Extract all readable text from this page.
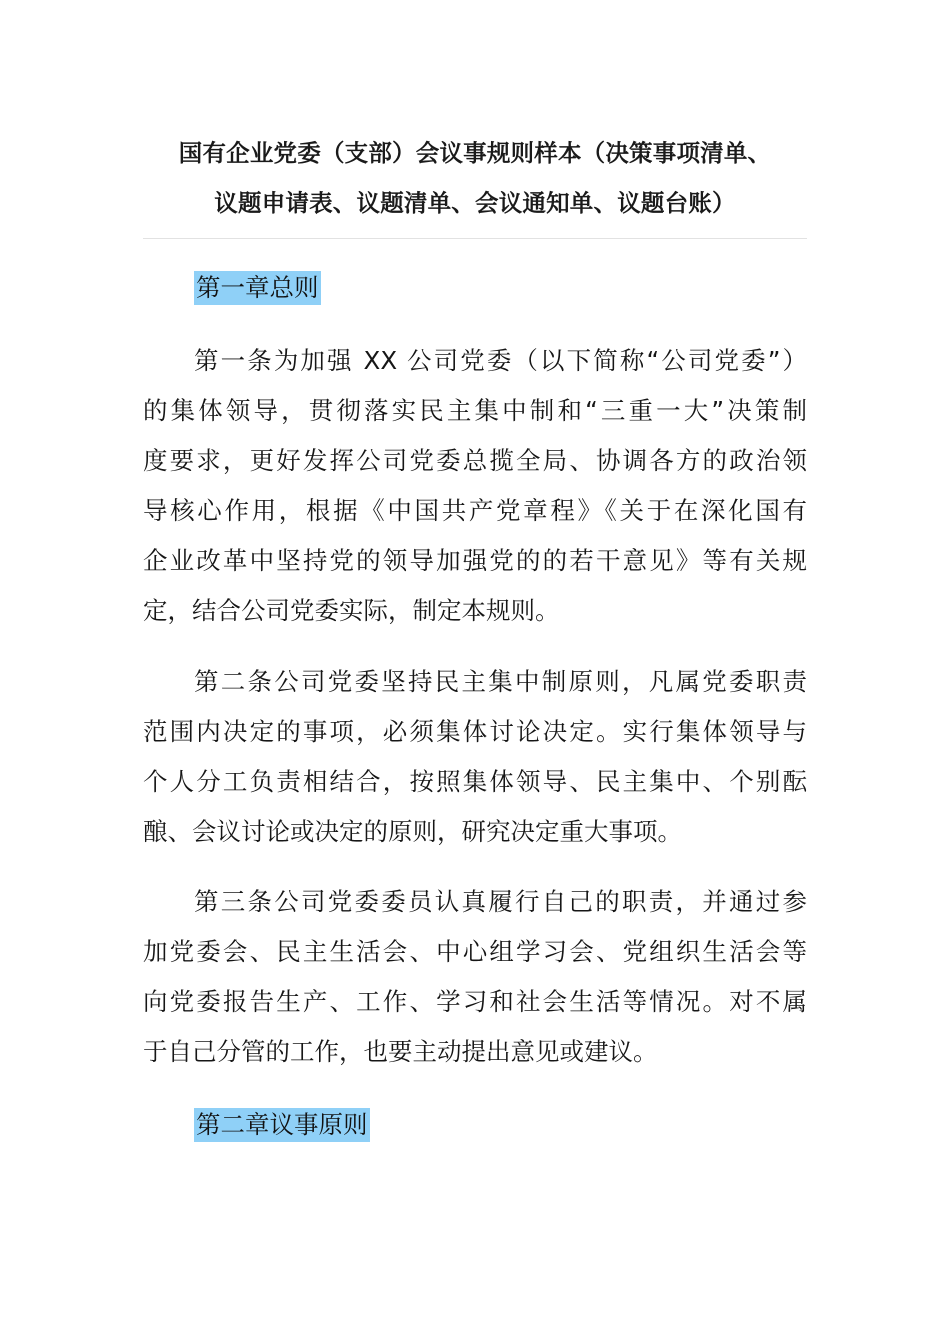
国有企业党委（支部）会议事规则样本（决策事项清单、
议题申请表、议题清单、会议通知单、议题台账）
第一章总则
第一条为加强 XX 公司党委（以下简称“公司党委”）
的集体领导，贯彻落实民主集中制和“三重一大”决策制
度要求，更好发挥公司党委总揽全局、协调各方的政治领
导核心作用，根据《中国共产党章程》《关于在深化国有
企业改革中坚持党的领导加强党的的若干意见》等有关规
定，结合公司党委实际，制定本规则。
第二条公司党委坚持民主集中制原则，凡属党委职责
范围内决定的事项，必须集体讨论决定。实行集体领导与
个人分工负责相结合，按照集体领导、民主集中、个别酝
酿、会议讨论或决定的原则，研究决定重大事项。
第三条公司党委委员认真履行自己的职责，并通过参
加党委会、民主生活会、中心组学习会、党组织生活会等
向党委报告生产、工作、学习和社会生活等情况。对不属
于自己分管的工作，也要主动提出意见或建议。
第二章议事原则
